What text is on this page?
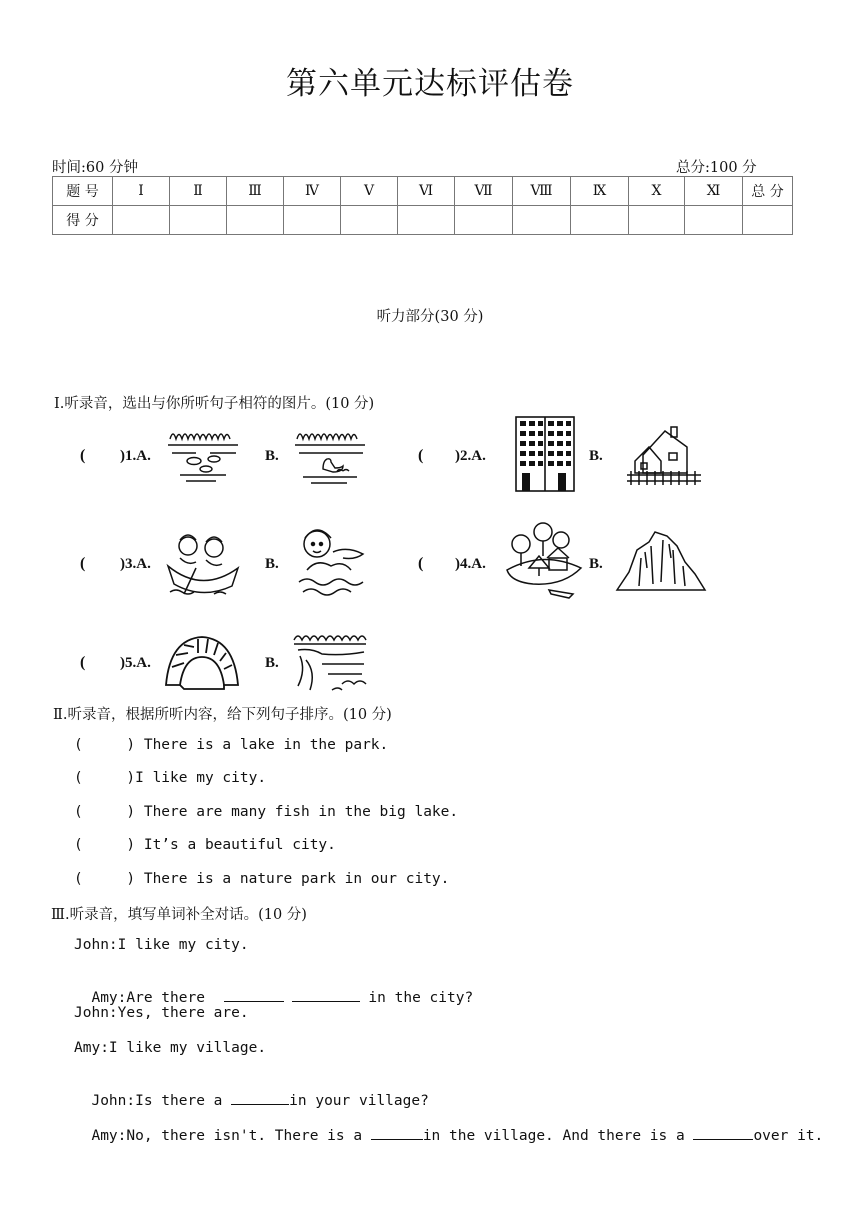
第六单元达标评估卷
时间:60 分钟	总分:100 分
题 号	Ⅰ	Ⅱ	Ⅲ	Ⅳ	Ⅴ	Ⅵ	Ⅶ	Ⅷ	Ⅸ	Ⅹ	Ⅺ	总 分
得 分												
听力部分(30 分)
Ⅰ.听录音，选出与你所听句子相符的图片。(10 分)
( )1.A.	B.	( )2.A.	B.
( )3.A.	B.	( )4.A.	B.
( )5.A.	B.
Ⅱ.听录音，根据所听内容，给下列句子排序。(10 分)
(     ) There is a lake in the park.
(     )I like my city.
(     ) There are many fish in the big lake.
(     ) It’s a beautiful city.
(     ) There is a nature park in our city.
Ⅲ.听录音，填写单词补全对话。(10 分)
John:I like my city.

Amy:Are there	in the city?

John:Yes, there are.
Amy:I like my village.

John:Is there a	in your village?

Amy:No, there isn't. There is a	in the village. And there is a	over it.
